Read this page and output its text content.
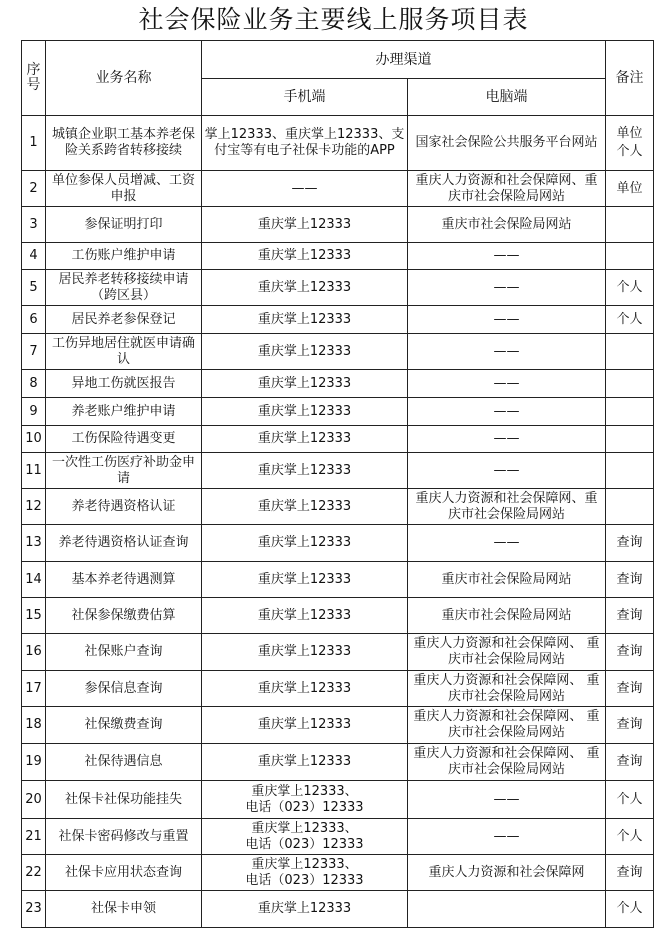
社会保险业务主要线上服务项目表
序号	业务名称	办理渠道		备注
		手机端	电脑端	
1	城镇企业职工基本养老保险关系跨省转移接续	掌上12333、重庆掌上12333、支付宝等有电子社保卡功能的APP	国家社会保险公共服务平台网站	单位
个人
2	单位参保人员增减、工资申报	——	重庆人力资源和社会保障网、重庆市社会保险局网站	单位
3	参保证明打印	重庆掌上12333	重庆市社会保险局网站	
4	工伤账户维护申请	重庆掌上12333	——	
5	居民养老转移接续申请（跨区县）	重庆掌上12333	——	个人
6	居民养老参保登记	重庆掌上12333	——	个人
7	工伤异地居住就医申请确认	重庆掌上12333	——	
8	异地工伤就医报告	重庆掌上12333	——	
9	养老账户维护申请	重庆掌上12333	——	
10	工伤保险待遇变更	重庆掌上12333	——	
11	一次性工伤医疗补助金申请	重庆掌上12333	——	
12	养老待遇资格认证	重庆掌上12333	重庆人力资源和社会保障网、重庆市社会保险局网站	
13	养老待遇资格认证查询	重庆掌上12333	——	查询
14	基本养老待遇测算	重庆掌上12333	重庆市社会保险局网站	查询
15	社保参保缴费估算	重庆掌上12333	重庆市社会保险局网站	查询
16	社保账户查询	重庆掌上12333	重庆人力资源和社会保障网、 重庆市社会保险局网站	查询
17	参保信息查询	重庆掌上12333	重庆人力资源和社会保障网、 重庆市社会保险局网站	查询
18	社保缴费查询	重庆掌上12333	重庆人力资源和社会保障网、 重庆市社会保险局网站	查询
19	社保待遇信息	重庆掌上12333	重庆人力资源和社会保障网、 重庆市社会保险局网站	查询
20	社保卡社保功能挂失	重庆掌上12333、
电话（023）12333	——	个人
21	社保卡密码修改与重置	重庆掌上12333、
电话（023）12333	——	个人
22	社保卡应用状态查询	重庆掌上12333、
电话（023）12333	重庆人力资源和社会保障网	查询
23	社保卡申领	重庆掌上12333		个人
